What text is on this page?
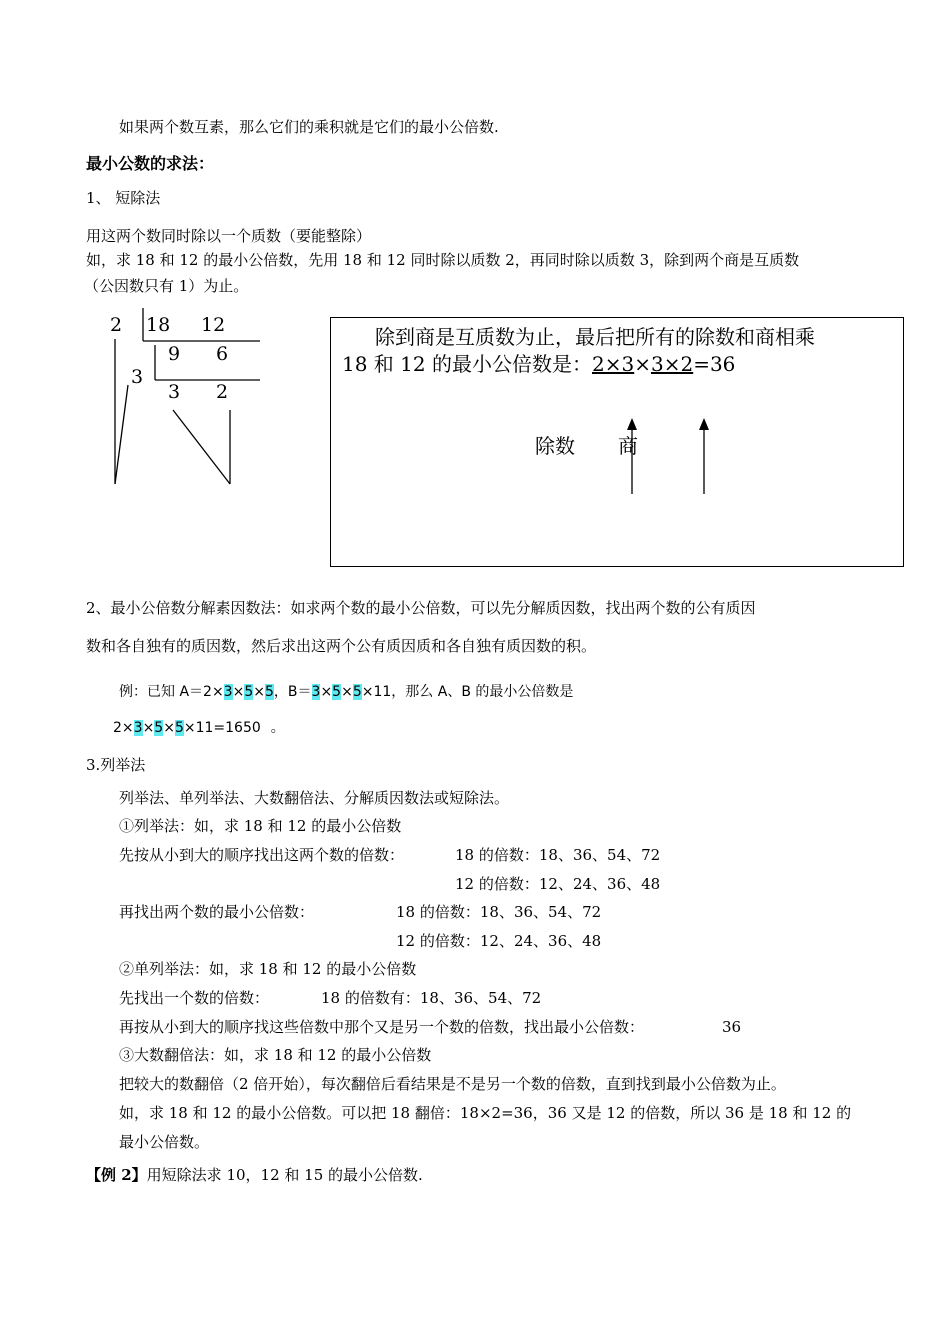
如果两个数互素，那么它们的乘积就是它们的最小公倍数.
最小公数的求法：
1、 短除法
用这两个数同时除以一个质数（要能整除）
如，求 18 和 12 的最小公倍数，先用 18 和 12 同时除以质数 2，再同时除以质数 3，除到两个商是互质数
（公因数只有 1）为止。
2 18 12
3
9 6
3 2
除到商是互质数为止，最后把所有的除数和商相乘
18 和 12 的最小公倍数是：2×3×3×2=36
除数 商
2、最小公倍数分解素因数法：如求两个数的最小公倍数，可以先分解质因数，找出两个数的公有质因
数和各自独有的质因数，然后求出这两个公有质因质和各自独有质因数的积。
例：已知 A＝2×3×5×5，B＝3×5×5×11，那么 A、B 的最小公倍数是
2×3×5×5×11=1650 。
3.列举法
列举法、单列举法、大数翻倍法、分解质因数法或短除法。
①列举法：如，求 18 和 12 的最小公倍数
先按从小到大的顺序找出这两个数的倍数：	18 的倍数：18、36、54、72
12 的倍数：12、24、36、48
再找出两个数的最小公倍数：	18 的倍数：18、36、54、72
12 的倍数：12、24、36、48
②单列举法：如，求 18 和 12 的最小公倍数
先找出一个数的倍数：	18 的倍数有：18、36、54、72
再按从小到大的顺序找这些倍数中那个又是另一个数的倍数，找出最小公倍数：	36
③大数翻倍法：如，求 18 和 12 的最小公倍数
把较大的数翻倍（2 倍开始），每次翻倍后看结果是不是另一个数的倍数，直到找到最小公倍数为止。
如，求 18 和 12 的最小公倍数。可以把 18 翻倍：18×2=36，36 又是 12 的倍数，所以 36 是 18 和 12 的
最小公倍数。
【例 2】用短除法求 10，12 和 15 的最小公倍数.
